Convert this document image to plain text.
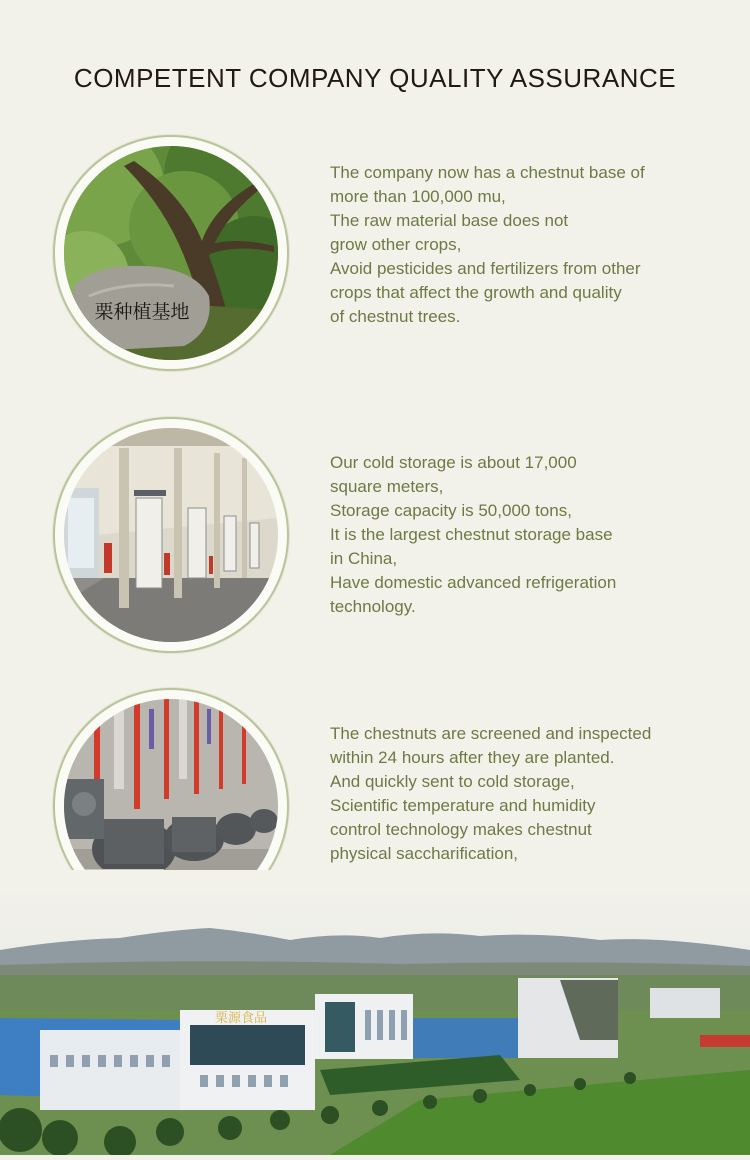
COMPETENT COMPANY QUALITY ASSURANCE
栗种植基地
The company now has a chestnut base of
more than 100,000 mu,
The raw material base does not
grow other crops,
Avoid pesticides and fertilizers from other
crops that affect the growth and quality
of chestnut trees.
Our cold storage is about 17,000
square meters,
Storage capacity is 50,000 tons,
It is the largest chestnut storage base
in China,
Have domestic advanced refrigeration
technology.
The chestnuts are screened and inspected
within 24 hours after they are planted.
And quickly sent to cold storage,
Scientific temperature and humidity
control technology makes chestnut
physical saccharification,
栗源食品
